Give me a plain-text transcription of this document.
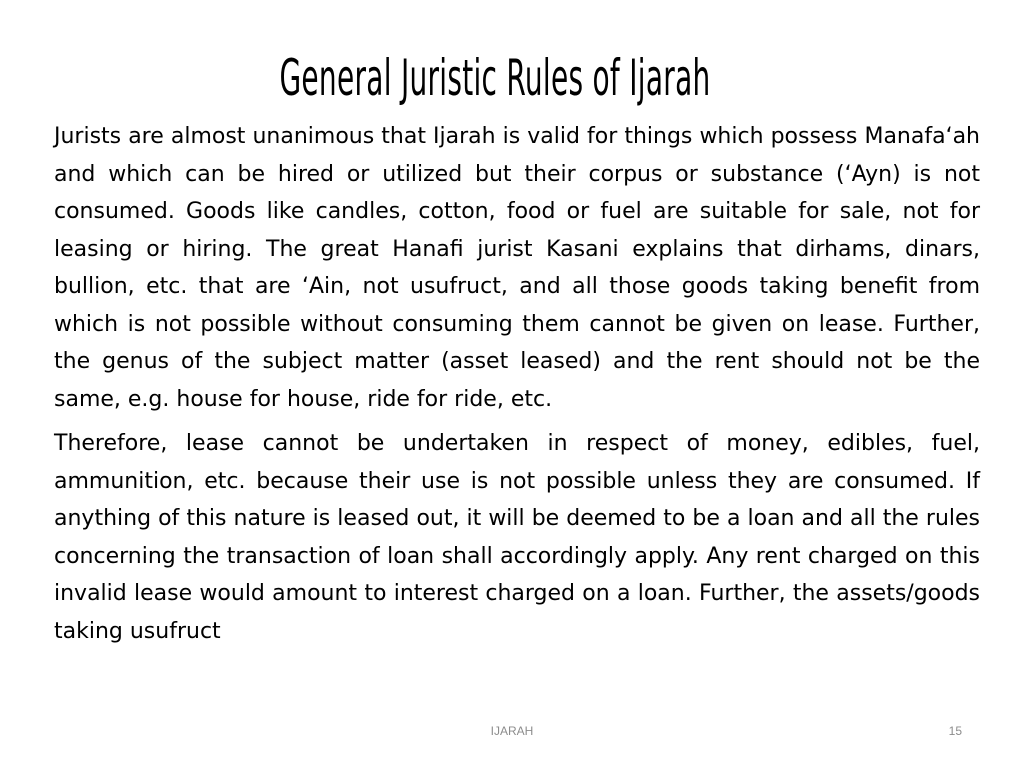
General Juristic Rules of Ijarah

Jurists are almost unanimous that Ijarah is valid for things which possess Manafa‘ah and which can be hired or utilized but their corpus or substance (‘Ayn) is not consumed. Goods like candles, cotton, food or fuel are suitable for sale, not for leasing or hiring. The great Hanafi jurist Kasani explains that dirhams, dinars, bullion, etc. that are ‘Ain, not usufruct, and all those goods taking benefit from which is not possible without consuming them cannot be given on lease. Further, the genus of the subject matter (asset leased) and the rent should not be the same, e.g. house for house, ride for ride, etc.

Therefore, lease cannot be undertaken in respect of money, edibles, fuel, ammunition, etc. because their use is not possible unless they are consumed. If anything of this nature is leased out, it will be deemed to be a loan and all the rules concerning the transaction of loan shall accordingly apply. Any rent charged on this invalid lease would amount to interest charged on a loan. Further, the assets/goods taking usufruct

IJARAH	15
